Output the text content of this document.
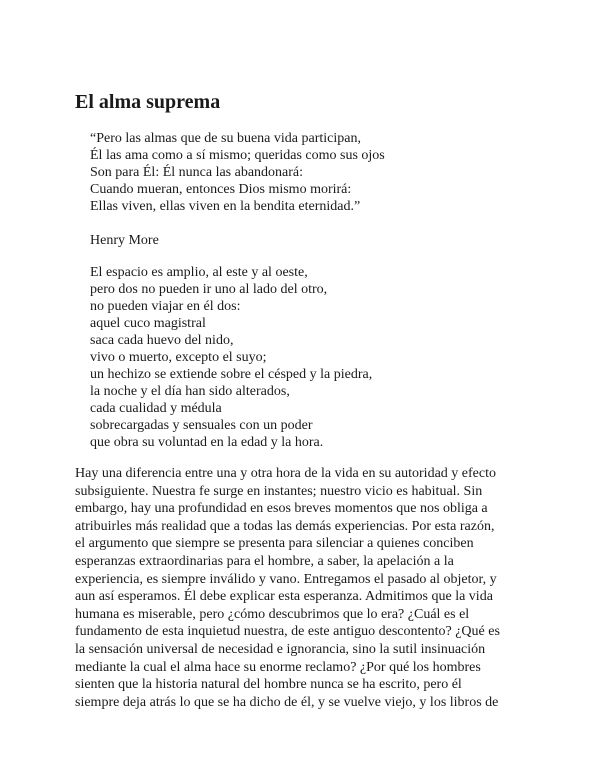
El alma suprema
“Pero las almas que de su buena vida participan,
Él las ama como a sí mismo; queridas como sus ojos
Son para Él: Él nunca las abandonará:
Cuando mueran, entonces Dios mismo morirá:
Ellas viven, ellas viven en la bendita eternidad.”
Henry More
El espacio es amplio, al este y al oeste,
pero dos no pueden ir uno al lado del otro,
no pueden viajar en él dos:
aquel cuco magistral
saca cada huevo del nido,
vivo o muerto, excepto el suyo;
un hechizo se extiende sobre el césped y la piedra,
la noche y el día han sido alterados,
cada cualidad y médula
sobrecargadas y sensuales con un poder
que obra su voluntad en la edad y la hora.
Hay una diferencia entre una y otra hora de la vida en su autoridad y efecto
subsiguiente. Nuestra fe surge en instantes; nuestro vicio es habitual. Sin
embargo, hay una profundidad en esos breves momentos que nos obliga a
atribuirles más realidad que a todas las demás experiencias. Por esta razón,
el argumento que siempre se presenta para silenciar a quienes conciben
esperanzas extraordinarias para el hombre, a saber, la apelación a la
experiencia, es siempre inválido y vano. Entregamos el pasado al objetor, y
aun así esperamos. Él debe explicar esta esperanza. Admitimos que la vida
humana es miserable, pero ¿cómo descubrimos que lo era? ¿Cuál es el
fundamento de esta inquietud nuestra, de este antiguo descontento? ¿Qué es
la sensación universal de necesidad e ignorancia, sino la sutil insinuación
mediante la cual el alma hace su enorme reclamo? ¿Por qué los hombres
sienten que la historia natural del hombre nunca se ha escrito, pero él
siempre deja atrás lo que se ha dicho de él, y se vuelve viejo, y los libros de
